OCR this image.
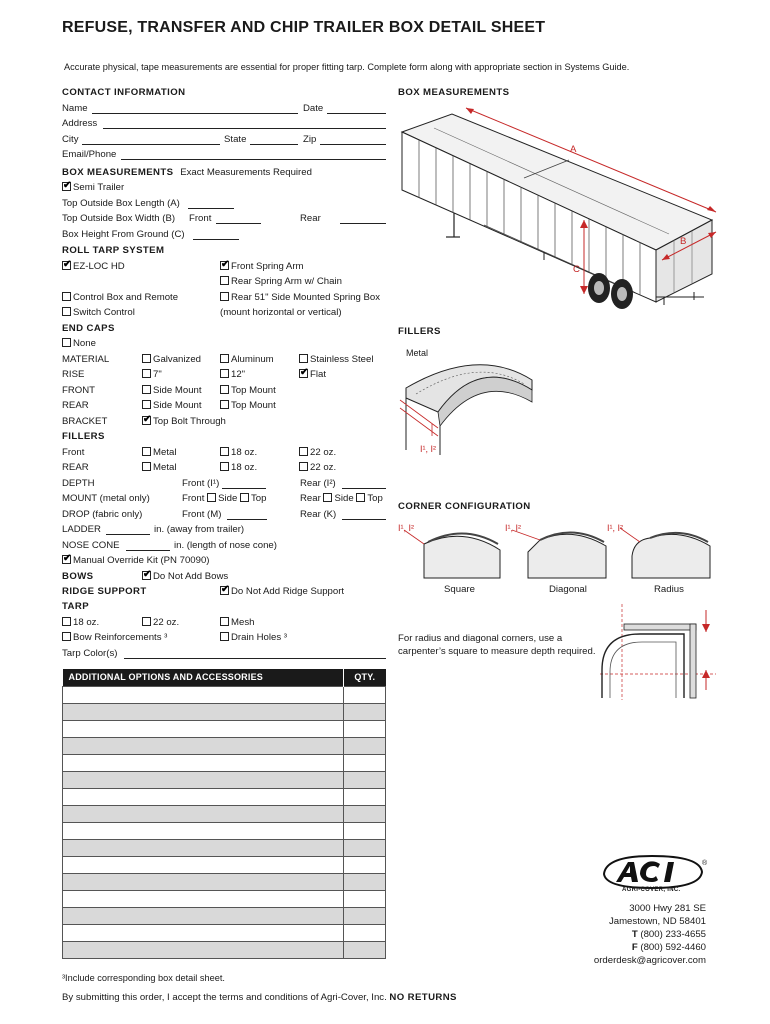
REFUSE, TRANSFER AND CHIP TRAILER BOX DETAIL SHEET
Accurate physical, tape measurements are essential for proper fitting tarp. Complete form along with appropriate section in Systems Guide.
CONTACT INFORMATION
Name	Date
Address
City	State	Zip
Email/Phone
BOX MEASUREMENTS Exact Measurements Required
✔Semi Trailer
Top Outside Box Length (A)
Top Outside Box Width (B) Front	Rear
Box Height From Ground (C)
ROLL TARP SYSTEM
✔EZ-LOC HD ✔	Front Spring Arm
Rear Spring Arm w/ Chain
Control Box and Remote	Rear 51" Side Mounted Spring Box
Switch Control	(mount horizontal or vertical)
END CAPS
None
MATERIAL	Galvanized	Aluminum	Stainless Steel
RISE	7"	12" ✔	Flat
FRONT	Side Mount	Top Mount
REAR	Side Mount	Top Mount
BRACKET ✔	Top Bolt Through
FILLERS
Front	Metal	18 oz.	22 oz.
REAR	Metal	18 oz.	22 oz.
DEPTH	Front (I¹)	Rear (I²)
MOUNT (metal only)	Front Side Top	Rear Side Top
DROP (fabric only)	Front (M)	Rear (K)
LADDER	in. (away from trailer)
NOSE CONE	in. (length of nose cone)
✔Manual Override Kit (PN 70090)
BOWS ✔	Do Not Add Bows
RIDGE SUPPORT ✔	Do Not Add Ridge Support
TARP
18 oz.	22 oz.	Mesh
Bow Reinforcements ³	Drain Holes ³
Tarp Color(s)
ADDITIONAL OPTIONS AND ACCESSORIES	QTY.

BOX MEASUREMENTS
A
B
C
FILLERS
Metal
I¹, I²
CORNER CONFIGURATION
I¹, I²	I¹, I²	I¹, I²
Square	Diagonal	Radius
For radius and diagonal corners, use a
carpenter’s square to measure depth required.
®
AGRI-COVER, INC.
3000 Hwy 281 SE
Jamestown, ND 58401
T (800) 233-4655
F (800) 592-4460
orderdesk@agricover.com
³Include corresponding box detail sheet.
By submitting this order, I accept the terms and conditions of Agri-Cover, Inc. NO RETURNS
